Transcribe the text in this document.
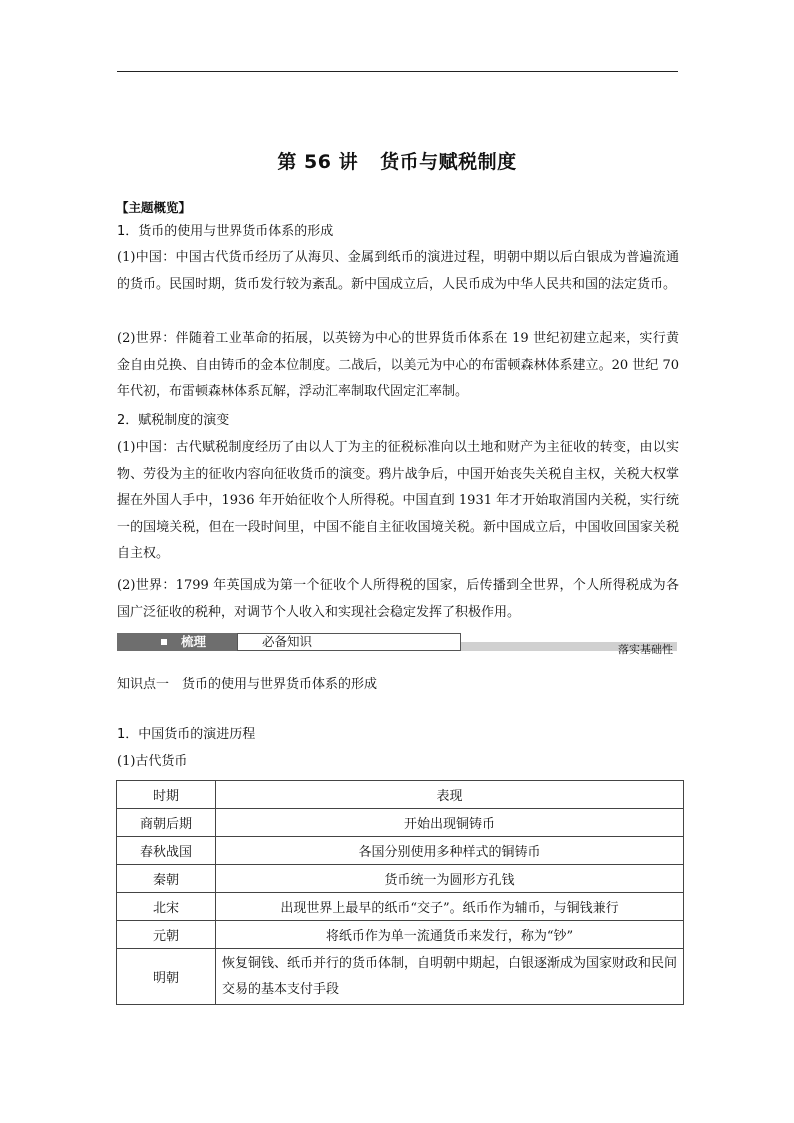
第 56 讲 货币与赋税制度
【主题概览】
1．货币的使用与世界货币体系的形成
(1)中国：中国古代货币经历了从海贝、金属到纸币的演进过程，明朝中期以后白银成为普遍流通的货币。民国时期，货币发行较为紊乱。新中国成立后，人民币成为中华人民共和国的法定货币。
(2)世界：伴随着工业革命的拓展，以英镑为中心的世界货币体系在 19 世纪初建立起来，实行黄金自由兑换、自由铸币的金本位制度。二战后，以美元为中心的布雷顿森林体系建立。20 世纪 70 年代初，布雷顿森林体系瓦解，浮动汇率制取代固定汇率制。
2．赋税制度的演变
(1)中国：古代赋税制度经历了由以人丁为主的征税标准向以土地和财产为主征收的转变，由以实物、劳役为主的征收内容向征收货币的演变。鸦片战争后，中国开始丧失关税自主权，关税大权掌握在外国人手中，1936 年开始征收个人所得税。中国直到 1931 年才开始取消国内关税，实行统一的国境关税，但在一段时间里，中国不能自主征收国境关税。新中国成立后，中国收回国家关税自主权。
(2)世界：1799 年英国成为第一个征收个人所得税的国家，后传播到全世界，个人所得税成为各国广泛征收的税种，对调节个人收入和实现社会稳定发挥了积极作用。
梳理	必备知识
落实基础性
知识点一　货币的使用与世界货币体系的形成
1．中国货币的演进历程
(1)古代货币
时期	表现
商朝后期	开始出现铜铸币
春秋战国	各国分别使用多种样式的铜铸币
秦朝	货币统一为圆形方孔钱
北宋	出现世界上最早的纸币“交子”。纸币作为辅币，与铜钱兼行
元朝	将纸币作为单一流通货币来发行，称为“钞”
明朝	恢复铜钱、纸币并行的货币体制，自明朝中期起，白银逐渐成为国家财政和民间交易的基本支付手段
